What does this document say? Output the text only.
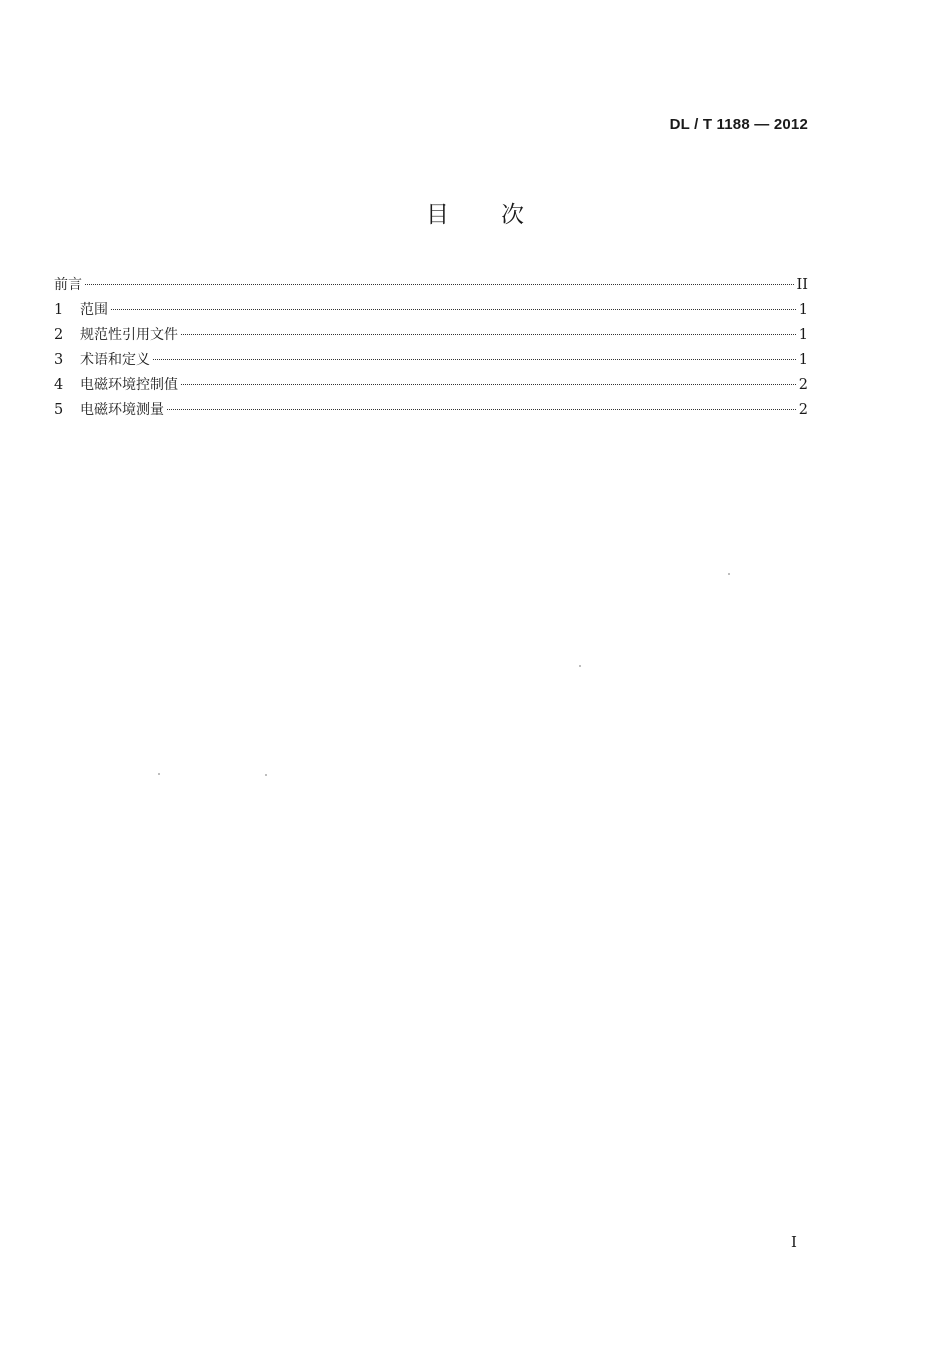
DL / T 1188 — 2012
目 次
前言	II
1	范围	1
2	规范性引用文件	1
3	术语和定义	1
4	电磁环境控制值	2
5	电磁环境测量	2
I
